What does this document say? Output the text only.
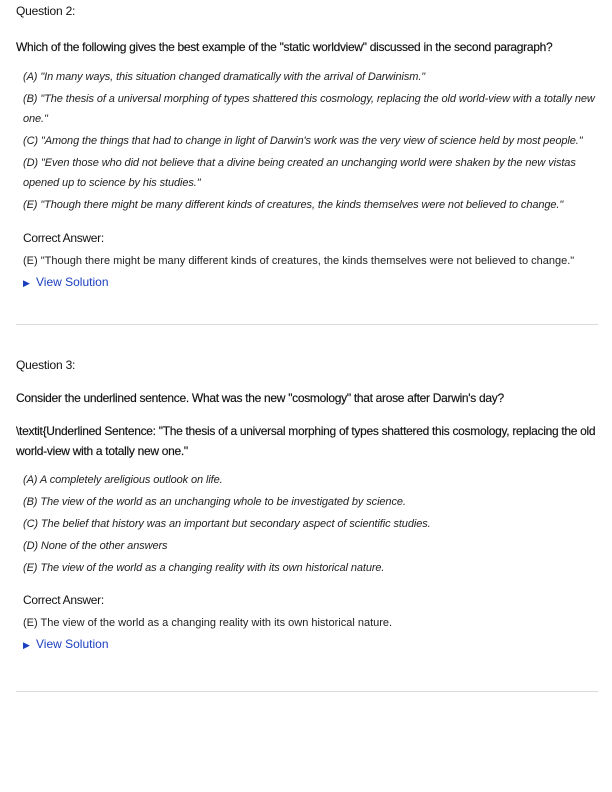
Question 2:

Which of the following gives the best example of the "static worldview" discussed in the second paragraph?

(A) "In many ways, this situation changed dramatically with the arrival of Darwinism."
(B) "The thesis of a universal morphing of types shattered this cosmology, replacing the old world-view with a totally new one."
(C) "Among the things that had to change in light of Darwin's work was the very view of science held by most people."
(D) "Even those who did not believe that a divine being created an unchanging world were shaken by the new vistas opened up to science by his studies."
(E) "Though there might be many different kinds of creatures, the kinds themselves were not believed to change."

Correct Answer:

(E) "Though there might be many different kinds of creatures, the kinds themselves were not believed to change."

▶ View Solution

Question 3:

Consider the underlined sentence. What was the new "cosmology" that arose after Darwin's day?

\textit{Underlined Sentence: "The thesis of a universal morphing of types shattered this cosmology, replacing the old world-view with a totally new one."

(A) A completely areligious outlook on life.
(B) The view of the world as an unchanging whole to be investigated by science.
(C) The belief that history was an important but secondary aspect of scientific studies.
(D) None of the other answers
(E) The view of the world as a changing reality with its own historical nature.

Correct Answer:

(E) The view of the world as a changing reality with its own historical nature.

▶ View Solution
